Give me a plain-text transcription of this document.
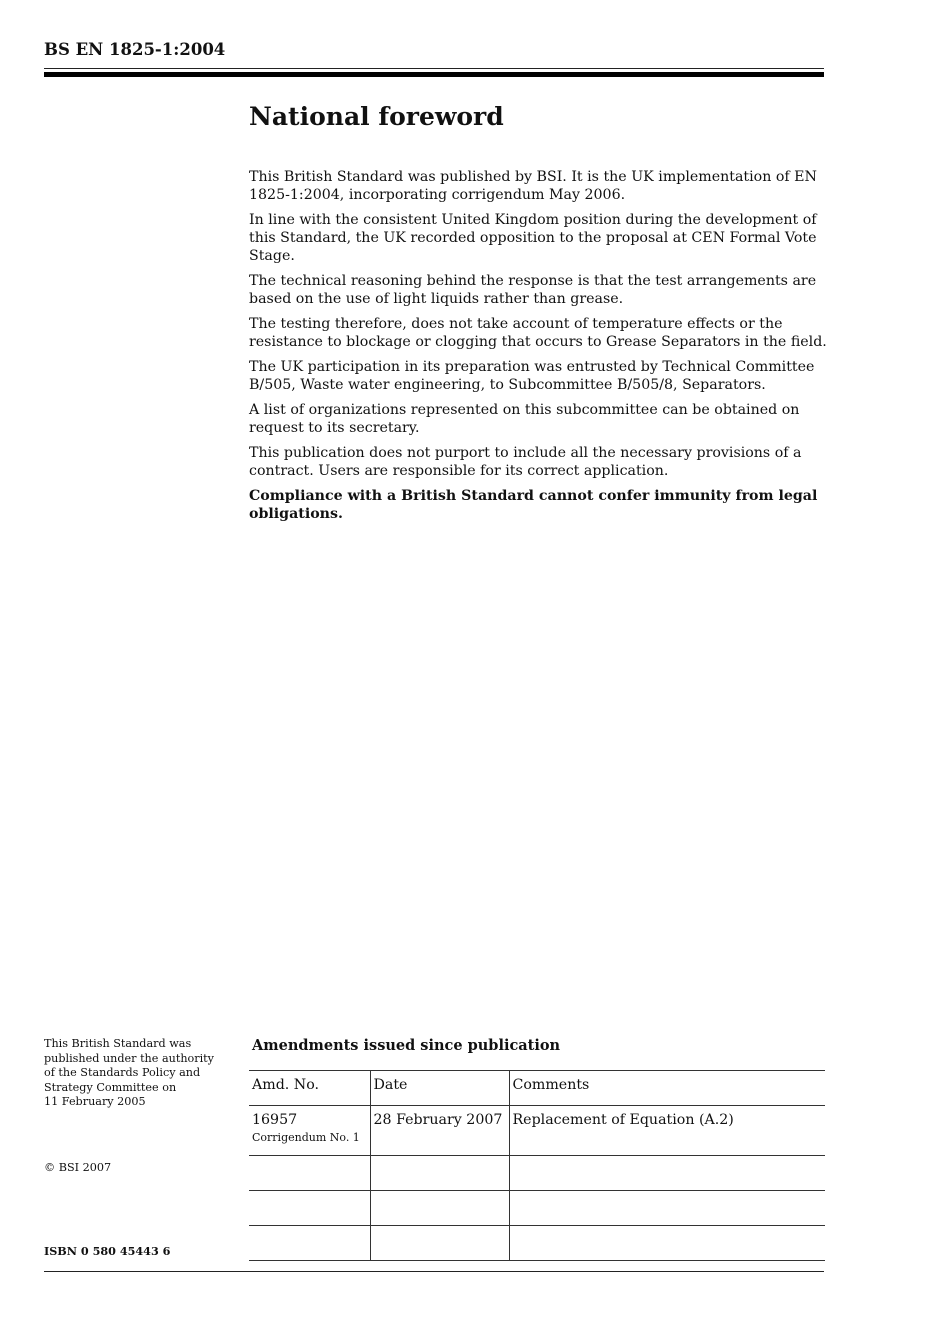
BS EN 1825-1:2004
National foreword

This British Standard was published by BSI. It is the UK implementation of EN 1825-1:2004, incorporating corrigendum May 2006.

In line with the consistent United Kingdom position during the development of this Standard, the UK recorded opposition to the proposal at CEN Formal Vote Stage.

The technical reasoning behind the response is that the test arrangements are based on the use of light liquids rather than grease.

The testing therefore, does not take account of temperature effects or the resistance to blockage or clogging that occurs to Grease Separators in the field.

The UK participation in its preparation was entrusted by Technical Committee B/505, Waste water engineering, to Subcommittee B/505/8, Separators.

A list of organizations represented on this subcommittee can be obtained on request to its secretary.

This publication does not purport to include all the necessary provisions of a contract. Users are responsible for its correct application.

Compliance with a British Standard cannot confer immunity from legal obligations.

This British Standard was
published under the authority
of the Standards Policy and
Strategy Committee on
11 February 2005
© BSI 2007
ISBN 0 580 45443 6
Amendments issued since publication
Amd. No.	Date	Comments
16957
Corrigendum No. 1	28 February 2007	Replacement of Equation (A.2)
